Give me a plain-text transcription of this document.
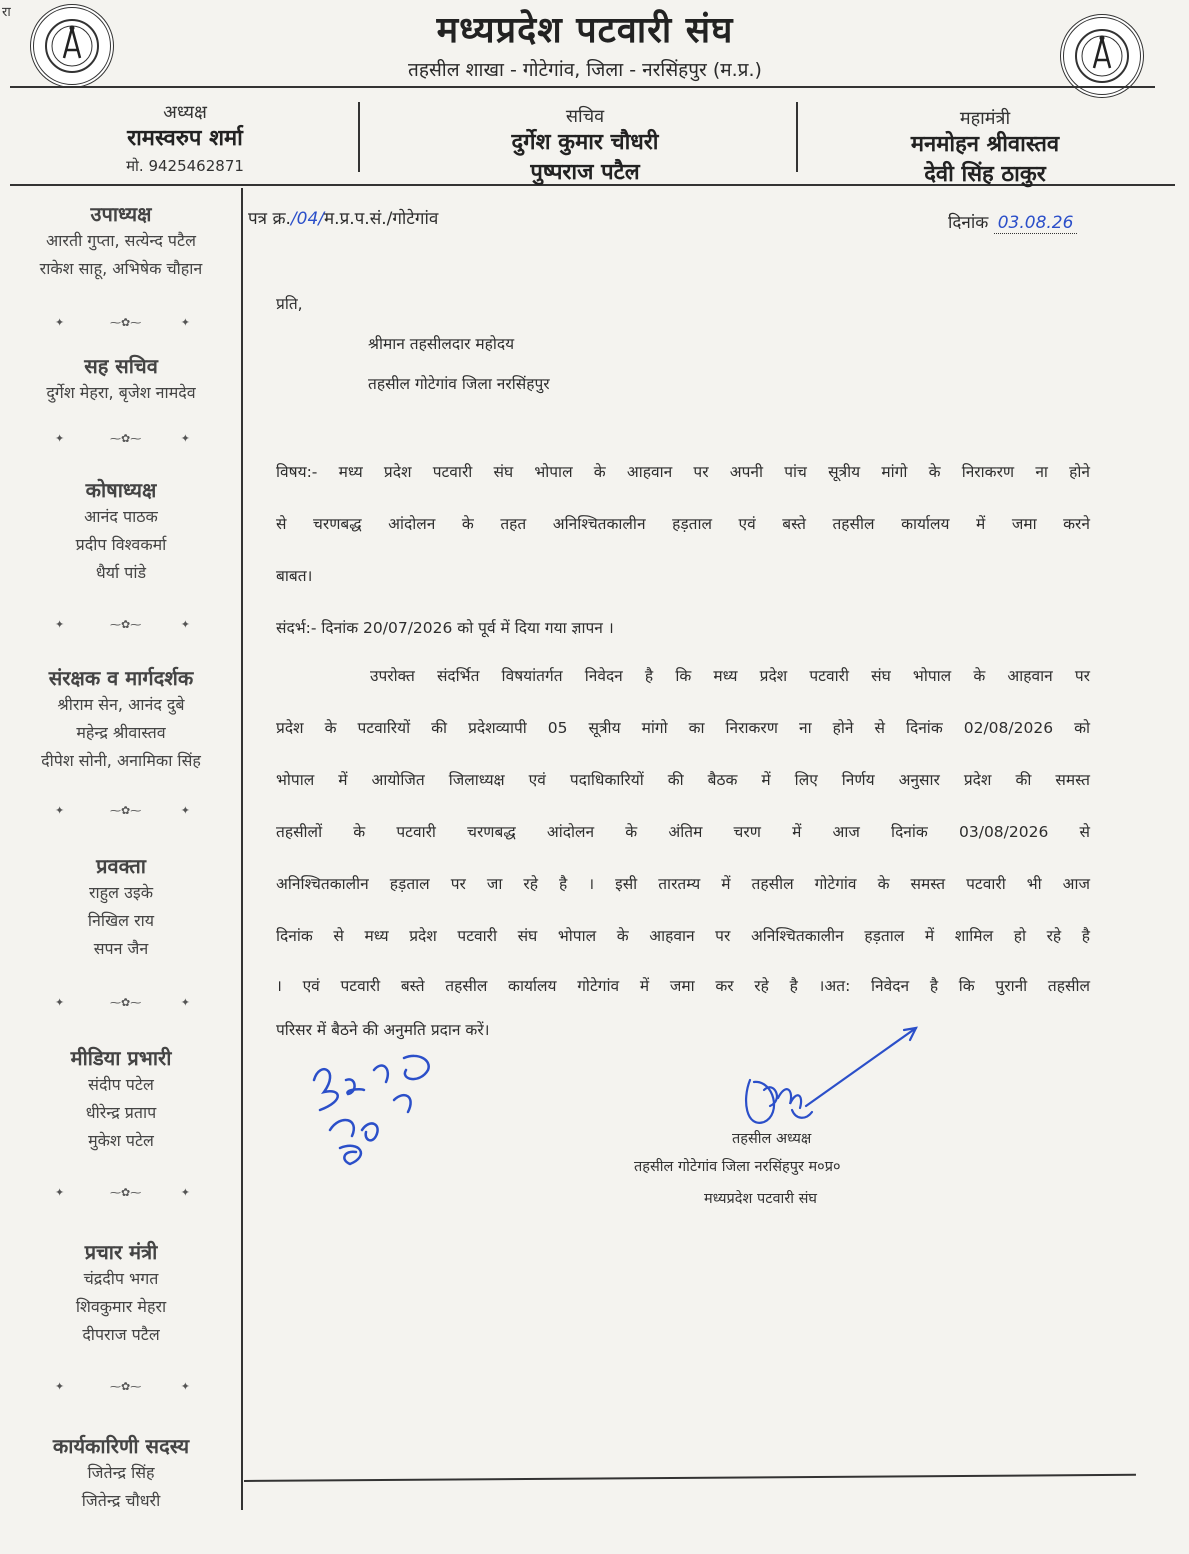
रा	मध्यप्रदेश पटवारी संघ
तहसील शाखा - गोटेगांव, जिला - नरसिंहपुर (म.प्र.)
अध्यक्ष
रामस्वरुप शर्मा
मो. 9425462871
सचिव
दुर्गेश कुमार चौधरी
पुष्पराज पटैल
महामंत्री
मनमोहन श्रीवास्तव
देवी सिंह ठाकुर
उपाध्यक्ष
आरती गुप्ता, सत्येन्द पटैल
राकेश साहू, अभिषेक चौहान
✦	⁓✿⁓	✦
सह सचिव
दुर्गेश मेहरा, बृजेश नामदेव
✦	⁓✿⁓	✦
कोषाध्यक्ष
आनंद पाठक
प्रदीप विश्वकर्मा
धैर्या पांडे
✦	⁓✿⁓	✦
संरक्षक व मार्गदर्शक
श्रीराम सेन, आनंद दुबे
महेन्द्र श्रीवास्तव
दीपेश सोनी, अनामिका सिंह
✦	⁓✿⁓	✦
प्रवक्ता
राहुल उइके
निखिल राय
सपन जैन
✦	⁓✿⁓	✦
मीडिया प्रभारी
संदीप पटेल
धीरेन्द्र प्रताप
मुकेश पटेल
✦	⁓✿⁓	✦
प्रचार मंत्री
चंद्रदीप भगत
शिवकुमार मेहरा
दीपराज पटैल
✦	⁓✿⁓	✦
कार्यकारिणी सदस्य
जितेन्द्र सिंह
जितेन्द्र चौधरी
पत्र क्र./04/म.प्र.प.सं./गोटेगांव	दिनांक 03.08.26
प्रति,
श्रीमान तहसीलदार महोदय
तहसील गोटेगांव जिला नरसिंहपुर
विषय:- मध्य प्रदेश पटवारी संघ भोपाल के आहवान पर अपनी पांच सूत्रीय मांगो के निराकरण ना होने
से चरणबद्ध आंदोलन के तहत अनिश्चितकालीन हड़ताल एवं बस्ते तहसील कार्यालय में जमा करने
बाबत।
संदर्भ:- दिनांक 20/07/2026 को पूर्व में दिया गया ज्ञापन ।
उपरोक्त संदर्भित विषयांतर्गत निवेदन है कि मध्य प्रदेश पटवारी संघ भोपाल के आहवान पर
प्रदेश के पटवारियों की प्रदेशव्यापी 05 सूत्रीय मांगो का निराकरण ना होने से दिनांक 02/08/2026 को
भोपाल में आयोजित जिलाध्यक्ष एवं पदाधिकारियों की बैठक में लिए निर्णय अनुसार प्रदेश की समस्त
तहसीलों के पटवारी चरणबद्ध आंदोलन के अंतिम चरण में आज दिनांक 03/08/2026 से
अनिश्चितकालीन हड़ताल पर जा रहे है । इसी तारतम्य में तहसील गोटेगांव के समस्त पटवारी भी आज
दिनांक से मध्य प्रदेश पटवारी संघ भोपाल के आहवान पर अनिश्चितकालीन हड़ताल में शामिल हो रहे है
। एवं पटवारी बस्ते तहसील कार्यालय गोटेगांव में जमा कर रहे है ।अत: निवेदन है कि पुरानी तहसील
परिसर में बैठने की अनुमति प्रदान करें।
तहसील अध्यक्ष
तहसील गोटेगांव जिला नरसिंहपुर म०प्र०
मध्यप्रदेश पटवारी संघ
